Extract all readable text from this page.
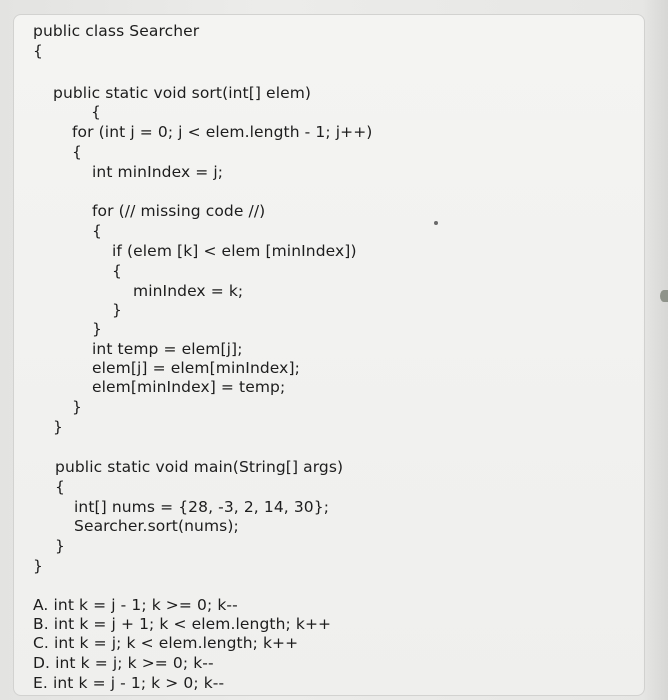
public class Searcher
{
public static void sort(int[] elem)
{
for (int j = 0; j < elem.length - 1; j++)
{
int minIndex = j;
for (// missing code //)
{
if (elem [k] < elem [minIndex])
{
minIndex = k;
}
}
int temp = elem[j];
elem[j] = elem[minIndex];
elem[minIndex] = temp;
}
}
public static void main(String[] args)
{
int[] nums = {28, -3, 2, 14, 30};
Searcher.sort(nums);
}
}
A. int k = j - 1; k >= 0; k--
B. int k = j + 1; k < elem.length; k++
C. int k = j; k < elem.length; k++
D. int k = j; k >= 0; k--
E. int k = j - 1; k > 0; k--
